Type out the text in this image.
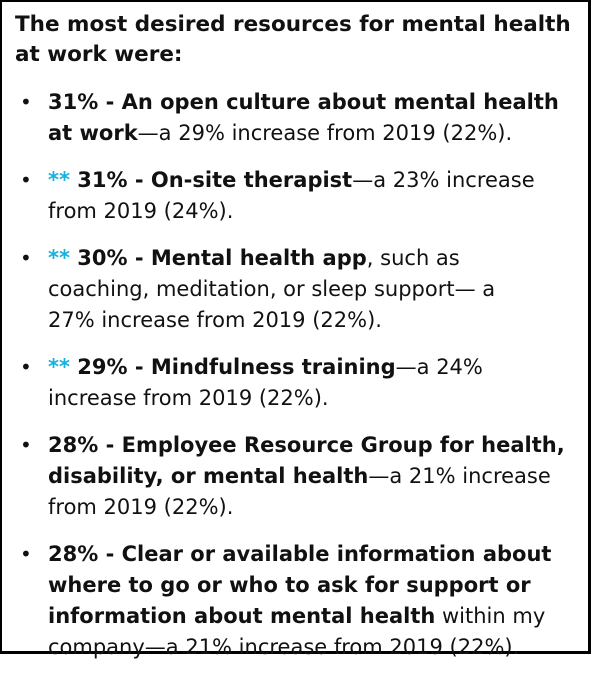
The most desired resources for mental health at work were:

• 31% - An open culture about mental health at work—a 29% increase from 2019 (22%).
• ** 31% - On-site therapist—a 23% increase from 2019 (24%).
• ** 30% - Mental health app, such as coaching, meditation, or sleep support— a 27% increase from 2019 (22%).
• ** 29% - Mindfulness training—a 24% increase from 2019 (22%).
• 28% - Employee Resource Group for health, disability, or mental health—a 21% increase from 2019 (22%).
• 28% - Clear or available information about where to go or who to ask for support or information about mental health within my company—a 21% increase from 2019 (22%).
